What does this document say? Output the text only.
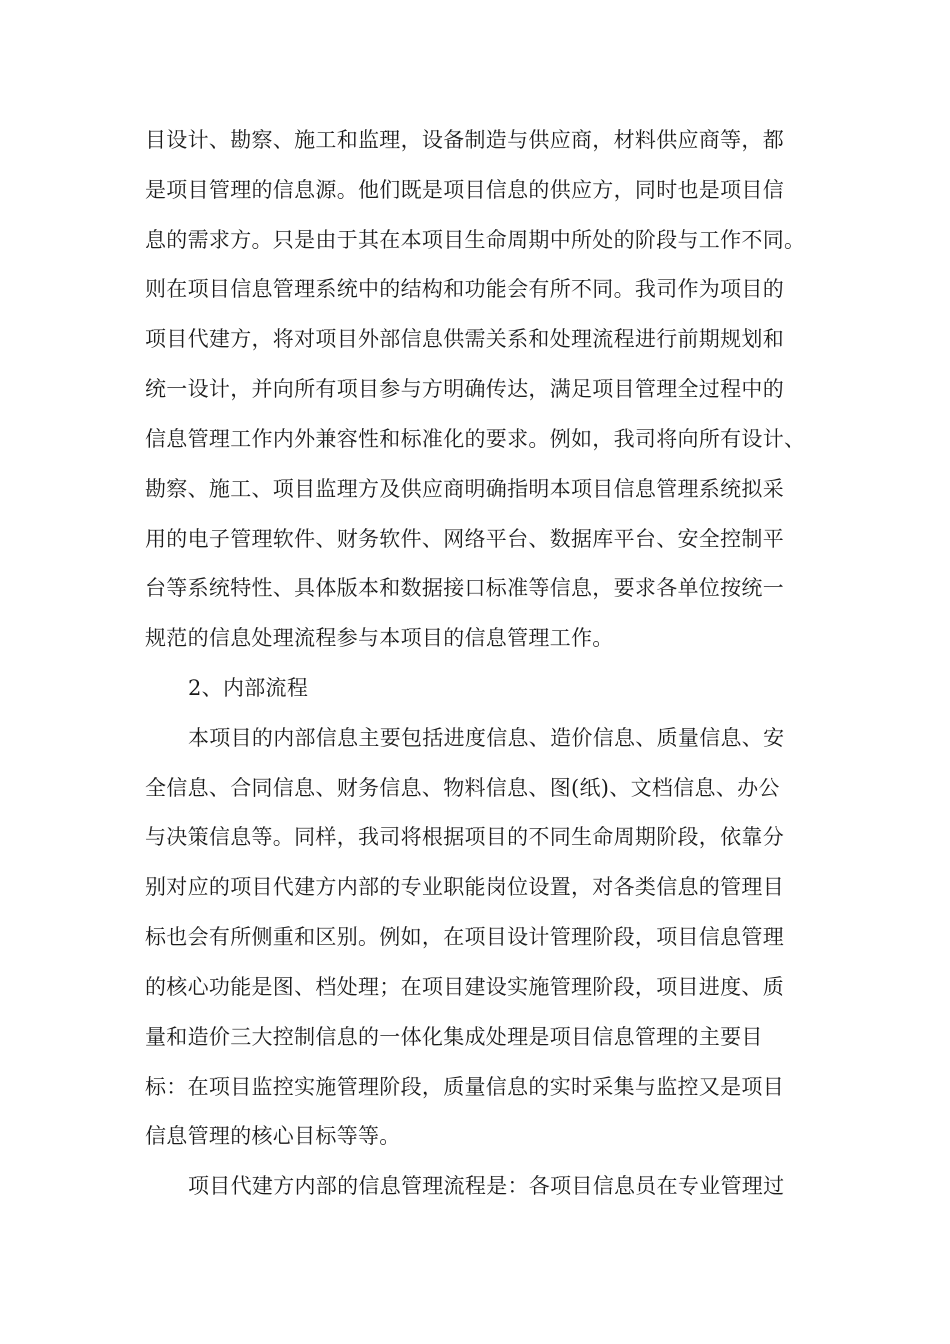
目设计、勘察、施工和监理，设备制造与供应商，材料供应商等，都
是项目管理的信息源。他们既是项目信息的供应方，同时也是项目信
息的需求方。只是由于其在本项目生命周期中所处的阶段与工作不同。
则在项目信息管理系统中的结构和功能会有所不同。我司作为项目的
项目代建方，将对项目外部信息供需关系和处理流程进行前期规划和
统一设计，并向所有项目参与方明确传达，满足项目管理全过程中的
信息管理工作内外兼容性和标准化的要求。例如，我司将向所有设计、
勘察、施工、项目监理方及供应商明确指明本项目信息管理系统拟采
用的电子管理软件、财务软件、网络平台、数据库平台、安全控制平
台等系统特性、具体版本和数据接口标准等信息，要求各单位按统一
规范的信息处理流程参与本项目的信息管理工作。
2、内部流程
本项目的内部信息主要包括进度信息、造价信息、质量信息、安
全信息、合同信息、财务信息、物料信息、图(纸)、文档信息、办公
与决策信息等。同样，我司将根据项目的不同生命周期阶段，依靠分
别对应的项目代建方内部的专业职能岗位设置，对各类信息的管理目
标也会有所侧重和区别。例如，在项目设计管理阶段，项目信息管理
的核心功能是图、档处理；在项目建设实施管理阶段，项目进度、质
量和造价三大控制信息的一体化集成处理是项目信息管理的主要目
标：在项目监控实施管理阶段，质量信息的实时采集与监控又是项目
信息管理的核心目标等等。
项目代建方内部的信息管理流程是：各项目信息员在专业管理过
